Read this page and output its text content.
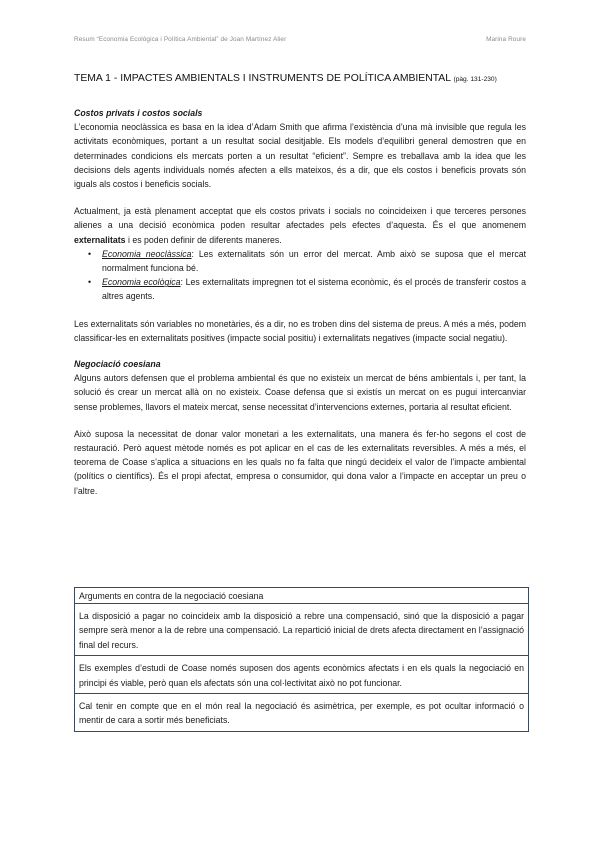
Resum “Economia Ecològica i Política Ambiental” de Joan Martínez Alier	Marina Roure
TEMA 1 - IMPACTES AMBIENTALS I INSTRUMENTS DE POLÍTICA AMBIENTAL (pàg. 131-230)

Costos privats i costos socials

L’economia neoclàssica es basa en la idea d’Adam Smith que afirma l’existència d’una mà invisible que regula les activitats econòmiques, portant a un resultat social desitjable. Els models d’equilibri general demostren que en determinades condicions els mercats porten a un resultat “eficient”. Sempre es treballava amb la idea que les decisions dels agents individuals només afecten a ells mateixos, és a dir, que els costos i beneficis provats són iguals als costos i beneficis socials.

Actualment, ja està plenament acceptat que els costos privats i socials no coincideixen i que terceres persones alienes a una decisió econòmica poden resultar afectades pels efectes d’aquesta. És el que anomenem externalitats i es poden definir de diferents maneres.

• Economia neoclàssica: Les externalitats són un error del mercat. Amb això se suposa que el mercat normalment funciona bé.
• Economia ecològica: Les externalitats impregnen tot el sistema econòmic, és el procés de transferir costos a altres agents.

Les externalitats són variables no monetàries, és a dir, no es troben dins del sistema de preus. A més a més, podem classificar-les en externalitats positives (impacte social positiu) i externalitats negatives (impacte social negatiu).

Negociació coesiana

Alguns autors defensen que el problema ambiental és que no existeix un mercat de béns ambientals i, per tant, la solució és crear un mercat allà on no existeix. Coase defensa que si existís un mercat on es pugui intercanviar sense problemes, llavors el mateix mercat, sense necessitat d’intervencions externes, portaria al resultat eficient.

Això suposa la necessitat de donar valor monetari a les externalitats, una manera és fer-ho segons el cost de restauració. Però aquest mètode només es pot aplicar en el cas de les externalitats reversibles. A més a més, el teorema de Coase s’aplica a situacions en les quals no fa falta que ningú decideix el valor de l’impacte ambiental (polítics o científics). És el propi afectat, empresa o consumidor, qui dona valor a l’impacte en acceptar un preu o l’altre.

Arguments en contra de la negociació coesiana
La disposició a pagar no coincideix amb la disposició a rebre una compensació, sinó que la disposició a pagar sempre serà menor a la de rebre una compensació. La repartició inicial de drets afecta directament en l’assignació final del recurs.
Els exemples d’estudi de Coase només suposen dos agents econòmics afectats i en els quals la negociació en principi és viable, però quan els afectats són una col·lectivitat això no pot funcionar.
Cal tenir en compte que en el món real la negociació és asimètrica, per exemple, es pot ocultar informació o mentir de cara a sortir més beneficiats.
